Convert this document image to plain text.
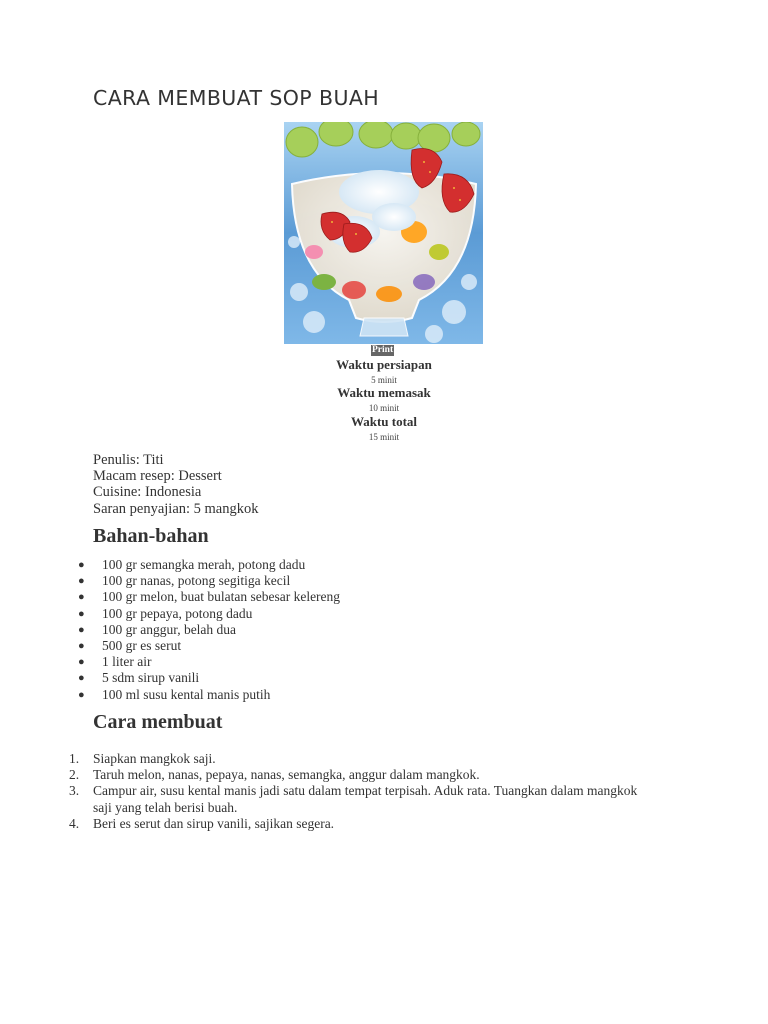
CARA MEMBUAT SOP BUAH
Print
Waktu persiapan
5 minit
Waktu memasak
10 minit
Waktu total
15 minit
Penulis: Titi
Macam resep: Dessert
Cuisine: Indonesia
Saran penyajian: 5 mangkok
Bahan-bahan
● 100 gr semangka merah, potong dadu
● 100 gr nanas, potong segitiga kecil
● 100 gr melon, buat bulatan sebesar kelereng
● 100 gr pepaya, potong dadu
● 100 gr anggur, belah dua
● 500 gr es serut
● 1 liter air
● 5 sdm sirup vanili
● 100 ml susu kental manis putih
Cara membuat
1. Siapkan mangkok saji.
2. Taruh melon, nanas, pepaya, nanas, semangka, anggur dalam mangkok.
3. Campur air, susu kental manis jadi satu dalam tempat terpisah. Aduk rata. Tuangkan dalam mangkok saji yang telah berisi buah.
4. Beri es serut dan sirup vanili, sajikan segera.
